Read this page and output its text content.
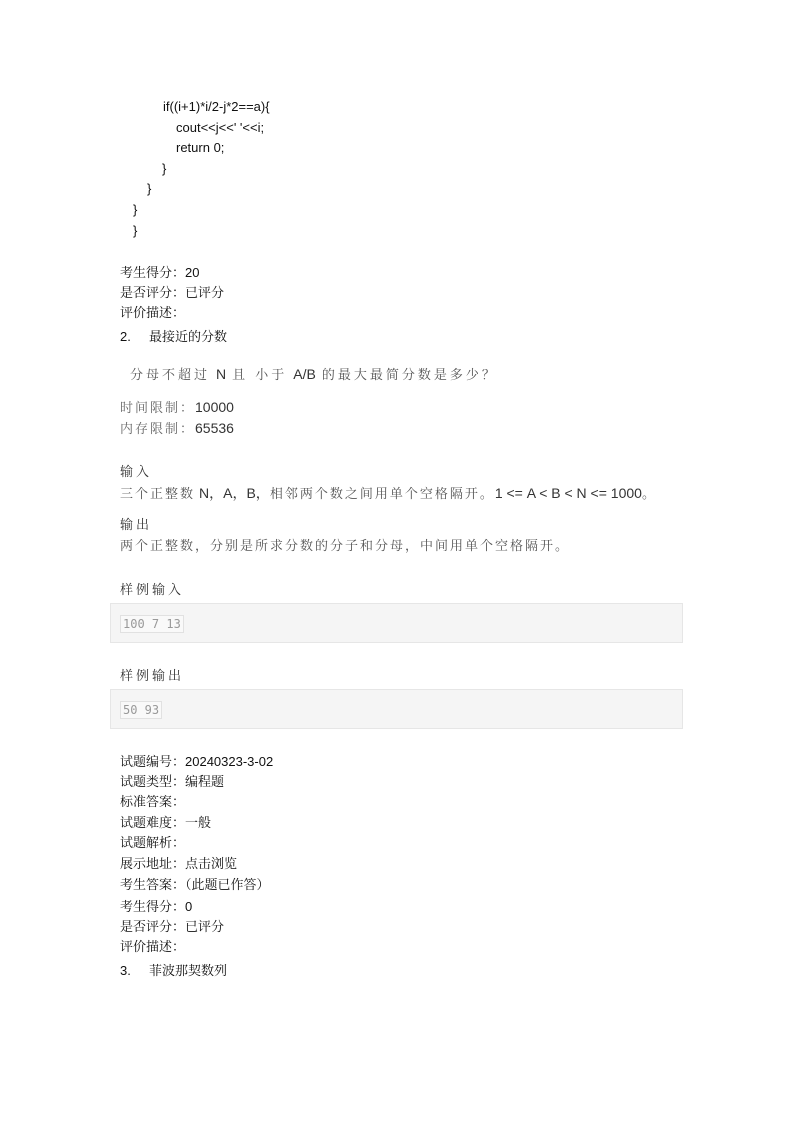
if((i+1)*i/2-j*2==a){
cout<<j<<' '<<i;
return 0;
}
}
}
}
考生得分：20
是否评分：已评分
评价描述：
2. 最接近的分数
分母不超过 N 且 小于 A/B 的最大最简分数是多少？
时间限制：10000
内存限制：65536
输入
三个正整数 N，A，B，相邻两个数之间用单个空格隔开。1 <= A < B < N <= 1000。
输出
两个正整数，分别是所求分数的分子和分母，中间用单个空格隔开。
样例输入
100 7 13
样例输出
50 93
试题编号：20240323-3-02
试题类型：编程题
标准答案：
试题难度：一般
试题解析：
展示地址：点击浏览
考生答案：（此题已作答）
考生得分：0
是否评分：已评分
评价描述：
3. 菲波那契数列
